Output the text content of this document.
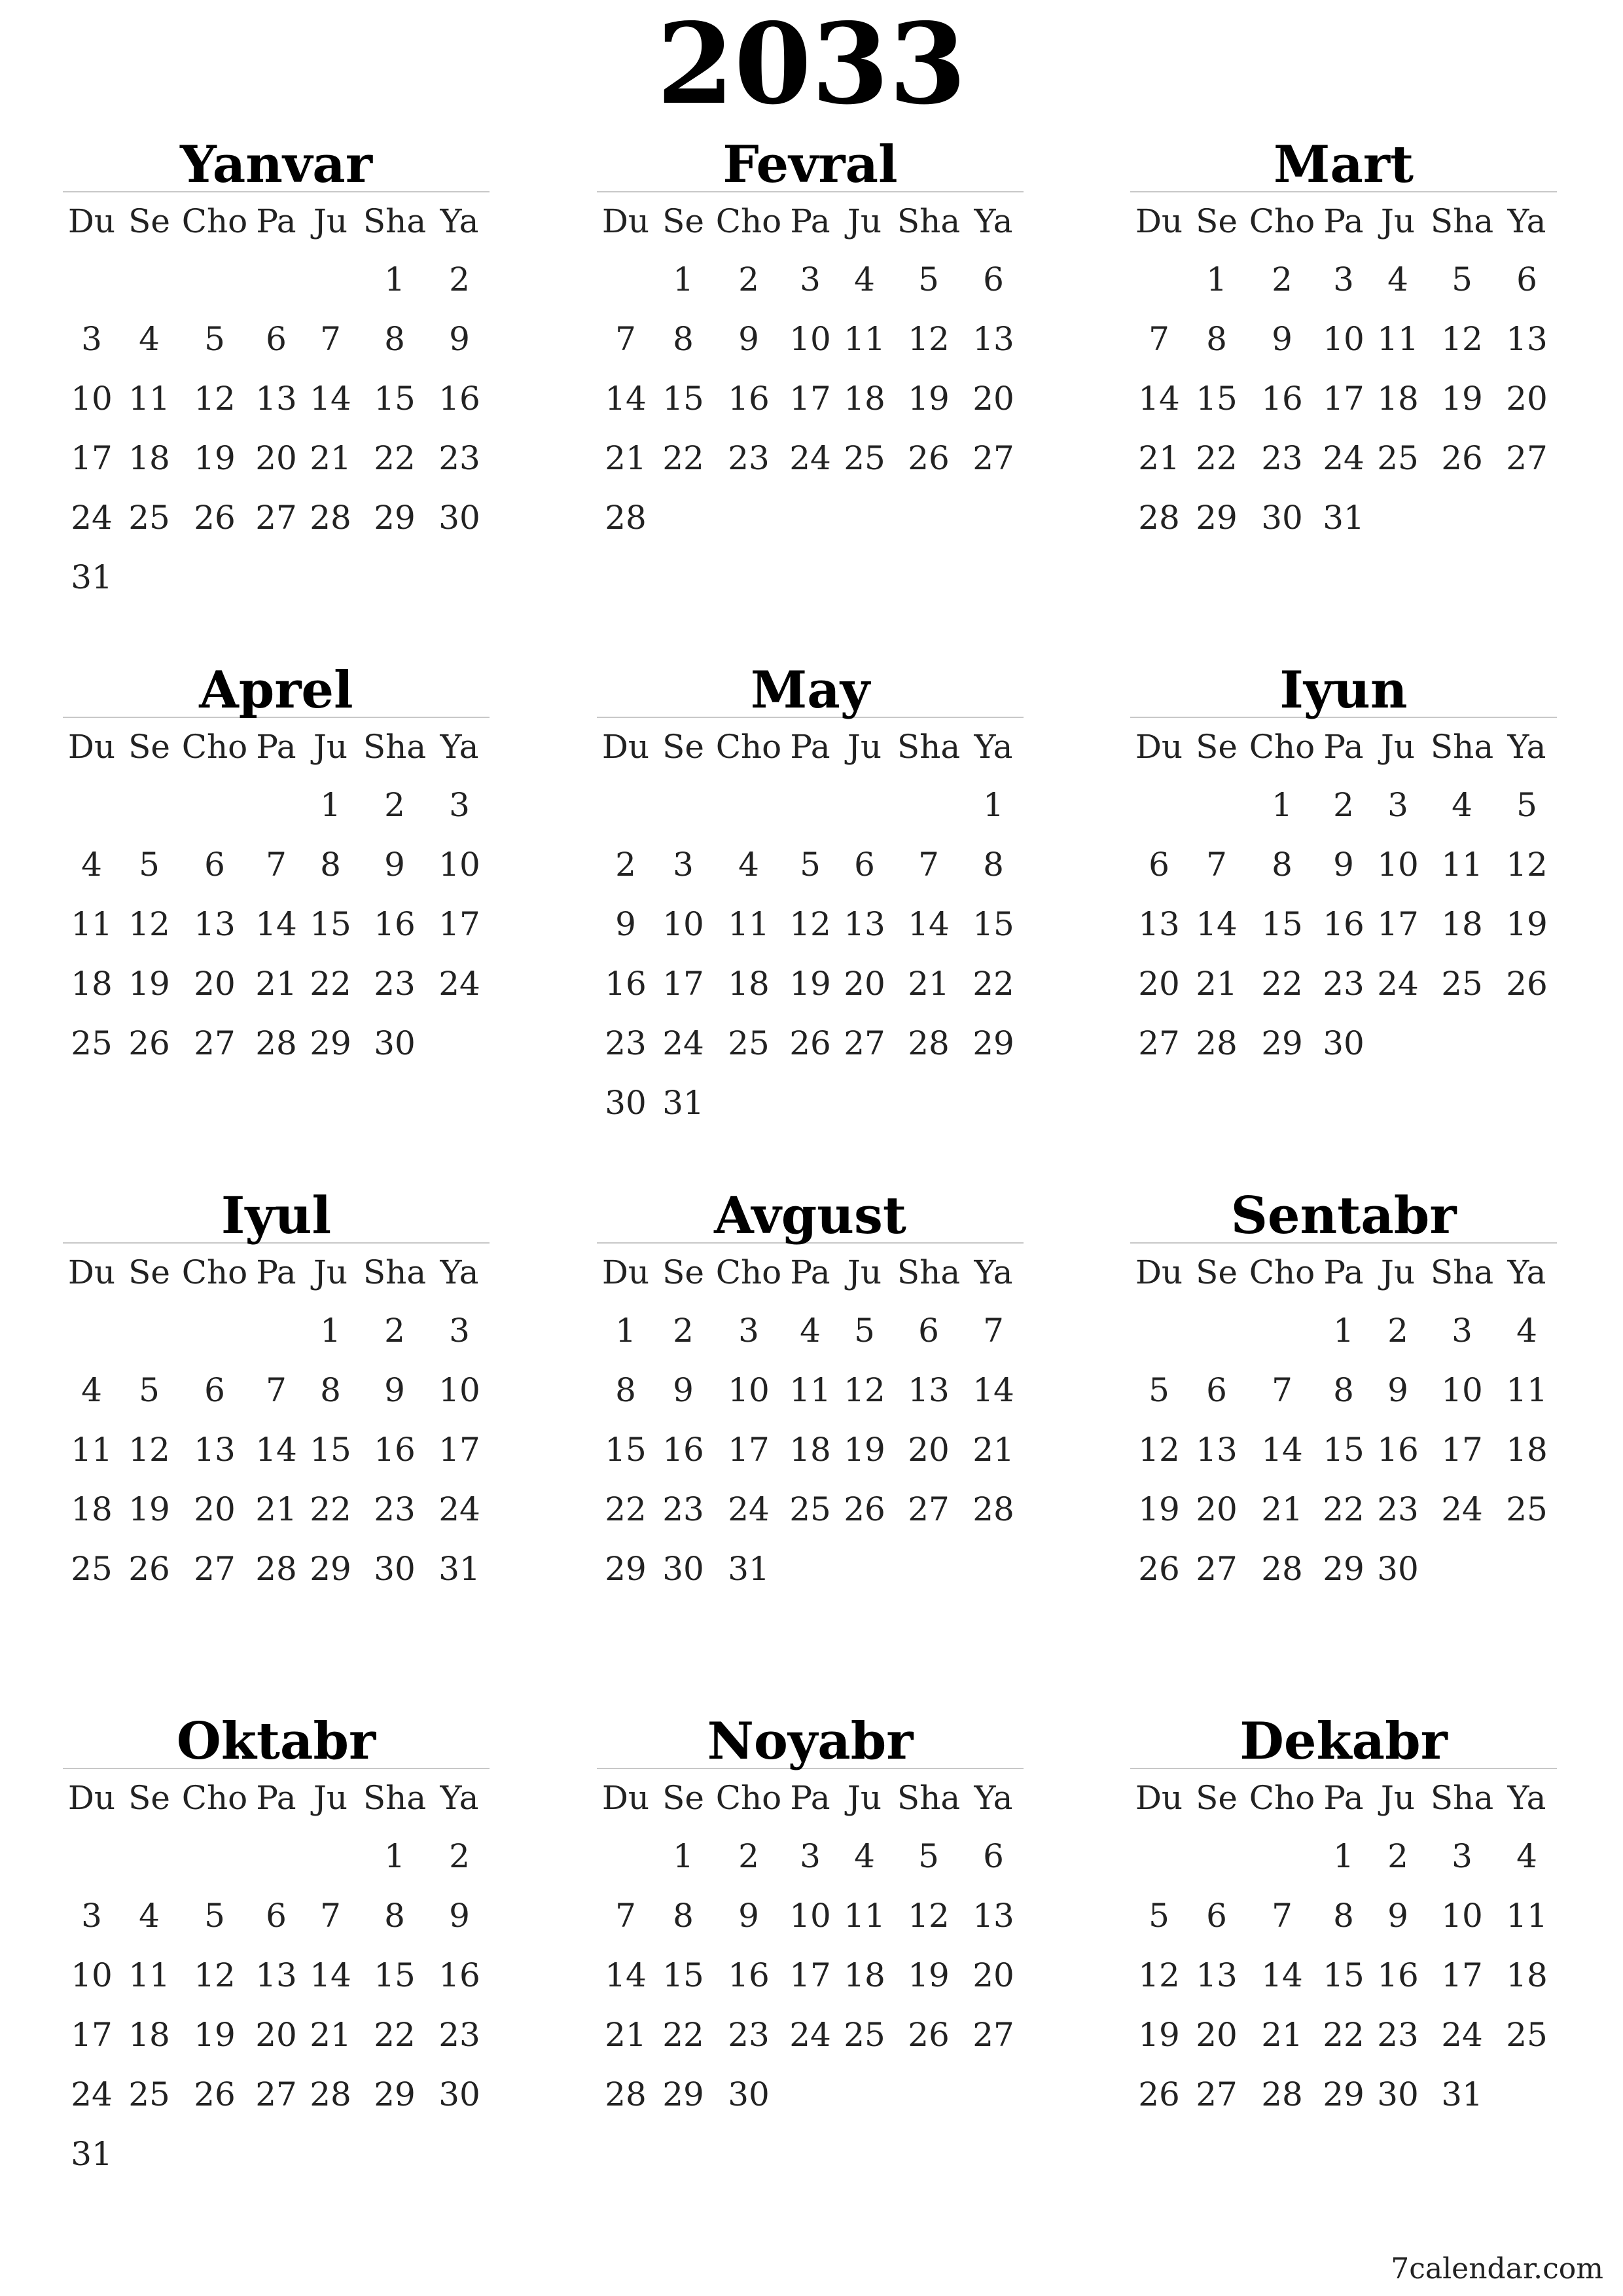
2033
Yanvar
Du	Se	Cho	Pa	Ju	Sha	Ya
					1	2
3	4	5	6	7	8	9
10	11	12	13	14	15	16
17	18	19	20	21	22	23
24	25	26	27	28	29	30
31						
Fevral
Du	Se	Cho	Pa	Ju	Sha	Ya
	1	2	3	4	5	6
7	8	9	10	11	12	13
14	15	16	17	18	19	20
21	22	23	24	25	26	27
28						
Mart
Du	Se	Cho	Pa	Ju	Sha	Ya
	1	2	3	4	5	6
7	8	9	10	11	12	13
14	15	16	17	18	19	20
21	22	23	24	25	26	27
28	29	30	31			
Aprel
Du	Se	Cho	Pa	Ju	Sha	Ya
				1	2	3
4	5	6	7	8	9	10
11	12	13	14	15	16	17
18	19	20	21	22	23	24
25	26	27	28	29	30	
May
Du	Se	Cho	Pa	Ju	Sha	Ya
						1
2	3	4	5	6	7	8
9	10	11	12	13	14	15
16	17	18	19	20	21	22
23	24	25	26	27	28	29
30	31					
Iyun
Du	Se	Cho	Pa	Ju	Sha	Ya
		1	2	3	4	5
6	7	8	9	10	11	12
13	14	15	16	17	18	19
20	21	22	23	24	25	26
27	28	29	30			
Iyul
Du	Se	Cho	Pa	Ju	Sha	Ya
				1	2	3
4	5	6	7	8	9	10
11	12	13	14	15	16	17
18	19	20	21	22	23	24
25	26	27	28	29	30	31
Avgust
Du	Se	Cho	Pa	Ju	Sha	Ya
1	2	3	4	5	6	7
8	9	10	11	12	13	14
15	16	17	18	19	20	21
22	23	24	25	26	27	28
29	30	31				
Sentabr
Du	Se	Cho	Pa	Ju	Sha	Ya
			1	2	3	4
5	6	7	8	9	10	11
12	13	14	15	16	17	18
19	20	21	22	23	24	25
26	27	28	29	30		
Oktabr
Du	Se	Cho	Pa	Ju	Sha	Ya
					1	2
3	4	5	6	7	8	9
10	11	12	13	14	15	16
17	18	19	20	21	22	23
24	25	26	27	28	29	30
31						
Noyabr
Du	Se	Cho	Pa	Ju	Sha	Ya
	1	2	3	4	5	6
7	8	9	10	11	12	13
14	15	16	17	18	19	20
21	22	23	24	25	26	27
28	29	30				
Dekabr
Du	Se	Cho	Pa	Ju	Sha	Ya
			1	2	3	4
5	6	7	8	9	10	11
12	13	14	15	16	17	18
19	20	21	22	23	24	25
26	27	28	29	30	31	
7calendar.com
